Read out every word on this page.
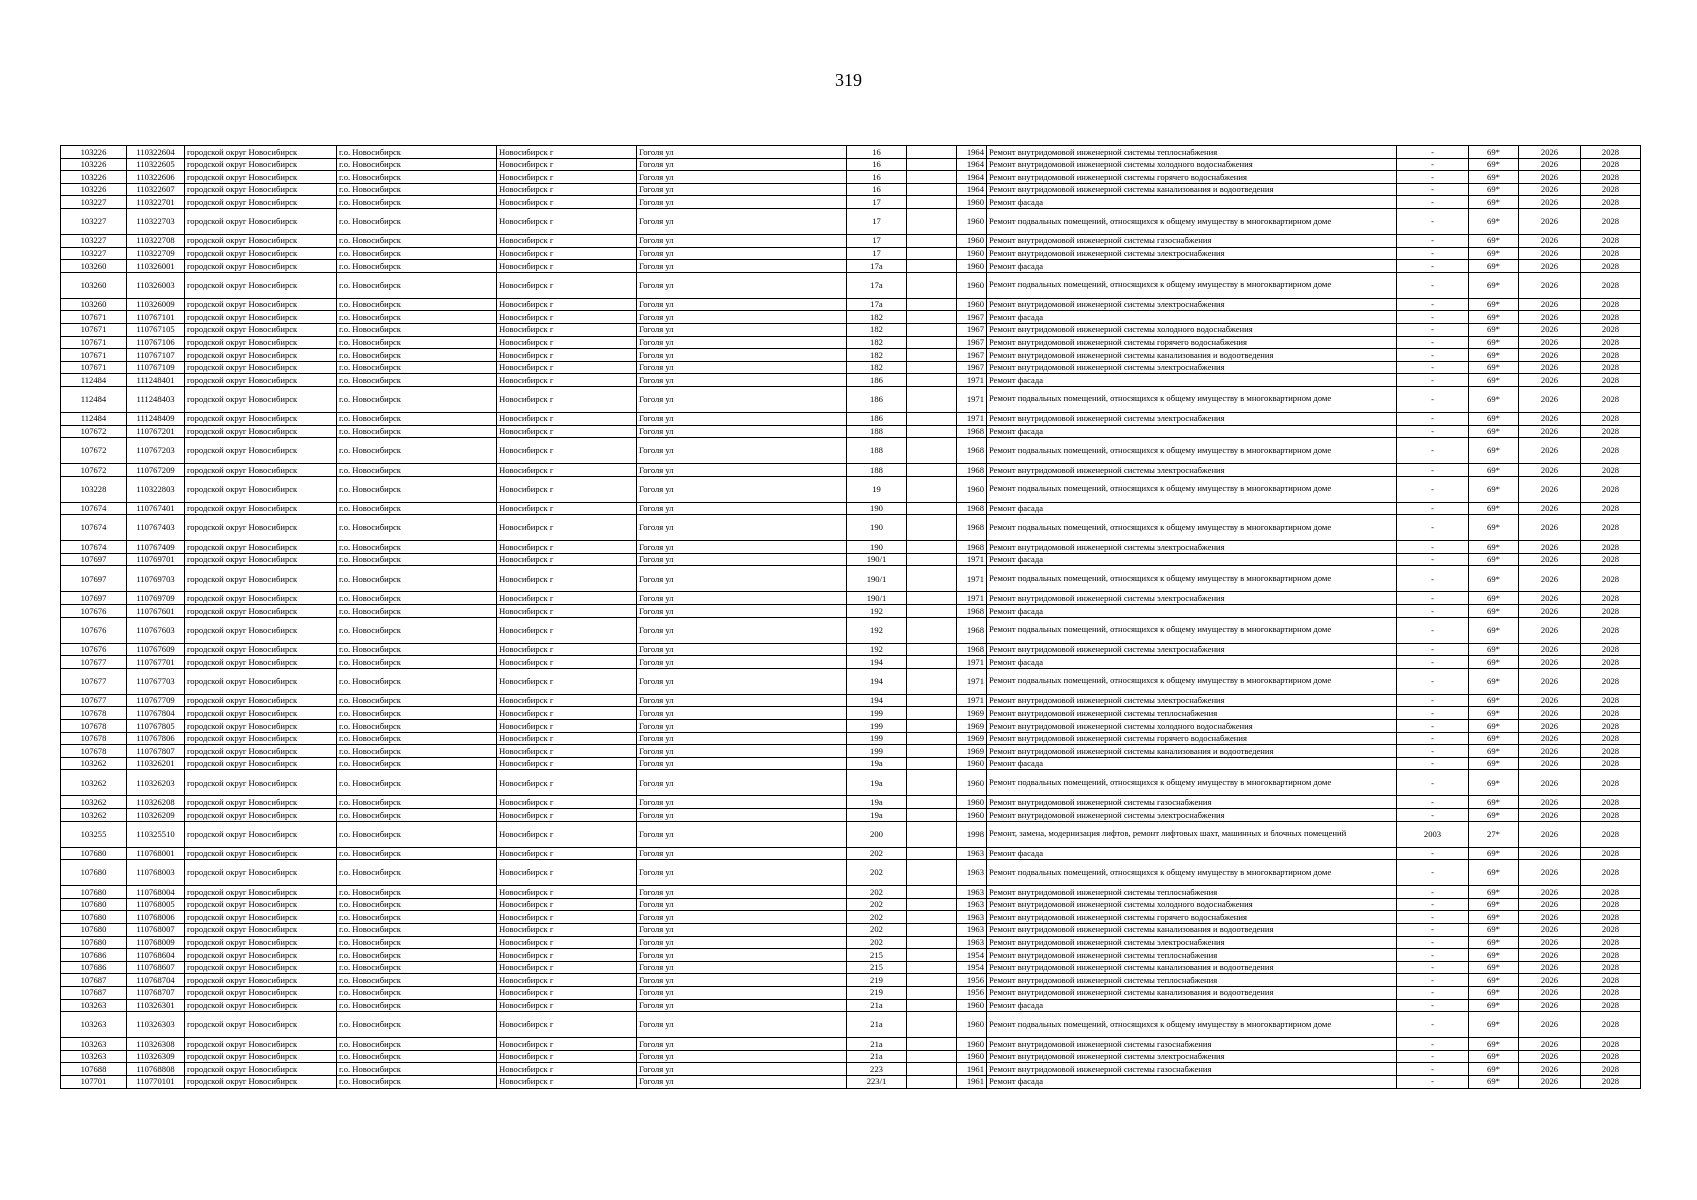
319
103226	110322604	городской округ Новосибирск	г.о. Новосибирск	Новосибирск г	Гоголя ул	16		1964	Ремонт внутридомовой инженерной системы теплоснабжения	-	69*	2026	2028
103226	110322605	городской округ Новосибирск	г.о. Новосибирск	Новосибирск г	Гоголя ул	16		1964	Ремонт внутридомовой инженерной системы холодного водоснабжения	-	69*	2026	2028
103226	110322606	городской округ Новосибирск	г.о. Новосибирск	Новосибирск г	Гоголя ул	16		1964	Ремонт внутридомовой инженерной системы горячего водоснабжения	-	69*	2026	2028
103226	110322607	городской округ Новосибирск	г.о. Новосибирск	Новосибирск г	Гоголя ул	16		1964	Ремонт внутридомовой инженерной системы канализования и водоотведения	-	69*	2026	2028
103227	110322701	городской округ Новосибирск	г.о. Новосибирск	Новосибирск г	Гоголя ул	17		1960	Ремонт фасада	-	69*	2026	2028
103227	110322703	городской округ Новосибирск	г.о. Новосибирск	Новосибирск г	Гоголя ул	17		1960	Ремонт подвальных помещений, относящихся к общему имуществу в многоквартирном доме	-	69*	2026	2028
103227	110322708	городской округ Новосибирск	г.о. Новосибирск	Новосибирск г	Гоголя ул	17		1960	Ремонт внутридомовой инженерной системы газоснабжения	-	69*	2026	2028
103227	110322709	городской округ Новосибирск	г.о. Новосибирск	Новосибирск г	Гоголя ул	17		1960	Ремонт внутридомовой инженерной системы электроснабжения	-	69*	2026	2028
103260	110326001	городской округ Новосибирск	г.о. Новосибирск	Новосибирск г	Гоголя ул	17а		1960	Ремонт фасада	-	69*	2026	2028
103260	110326003	городской округ Новосибирск	г.о. Новосибирск	Новосибирск г	Гоголя ул	17а		1960	Ремонт подвальных помещений, относящихся к общему имуществу в многоквартирном доме	-	69*	2026	2028
103260	110326009	городской округ Новосибирск	г.о. Новосибирск	Новосибирск г	Гоголя ул	17а		1960	Ремонт внутридомовой инженерной системы электроснабжения	-	69*	2026	2028
107671	110767101	городской округ Новосибирск	г.о. Новосибирск	Новосибирск г	Гоголя ул	182		1967	Ремонт фасада	-	69*	2026	2028
107671	110767105	городской округ Новосибирск	г.о. Новосибирск	Новосибирск г	Гоголя ул	182		1967	Ремонт внутридомовой инженерной системы холодного водоснабжения	-	69*	2026	2028
107671	110767106	городской округ Новосибирск	г.о. Новосибирск	Новосибирск г	Гоголя ул	182		1967	Ремонт внутридомовой инженерной системы горячего водоснабжения	-	69*	2026	2028
107671	110767107	городской округ Новосибирск	г.о. Новосибирск	Новосибирск г	Гоголя ул	182		1967	Ремонт внутридомовой инженерной системы канализования и водоотведения	-	69*	2026	2028
107671	110767109	городской округ Новосибирск	г.о. Новосибирск	Новосибирск г	Гоголя ул	182		1967	Ремонт внутридомовой инженерной системы электроснабжения	-	69*	2026	2028
112484	111248401	городской округ Новосибирск	г.о. Новосибирск	Новосибирск г	Гоголя ул	186		1971	Ремонт фасада	-	69*	2026	2028
112484	111248403	городской округ Новосибирск	г.о. Новосибирск	Новосибирск г	Гоголя ул	186		1971	Ремонт подвальных помещений, относящихся к общему имуществу в многоквартирном доме	-	69*	2026	2028
112484	111248409	городской округ Новосибирск	г.о. Новосибирск	Новосибирск г	Гоголя ул	186		1971	Ремонт внутридомовой инженерной системы электроснабжения	-	69*	2026	2028
107672	110767201	городской округ Новосибирск	г.о. Новосибирск	Новосибирск г	Гоголя ул	188		1968	Ремонт фасада	-	69*	2026	2028
107672	110767203	городской округ Новосибирск	г.о. Новосибирск	Новосибирск г	Гоголя ул	188		1968	Ремонт подвальных помещений, относящихся к общему имуществу в многоквартирном доме	-	69*	2026	2028
107672	110767209	городской округ Новосибирск	г.о. Новосибирск	Новосибирск г	Гоголя ул	188		1968	Ремонт внутридомовой инженерной системы электроснабжения	-	69*	2026	2028
103228	110322803	городской округ Новосибирск	г.о. Новосибирск	Новосибирск г	Гоголя ул	19		1960	Ремонт подвальных помещений, относящихся к общему имуществу в многоквартирном доме	-	69*	2026	2028
107674	110767401	городской округ Новосибирск	г.о. Новосибирск	Новосибирск г	Гоголя ул	190		1968	Ремонт фасада	-	69*	2026	2028
107674	110767403	городской округ Новосибирск	г.о. Новосибирск	Новосибирск г	Гоголя ул	190		1968	Ремонт подвальных помещений, относящихся к общему имуществу в многоквартирном доме	-	69*	2026	2028
107674	110767409	городской округ Новосибирск	г.о. Новосибирск	Новосибирск г	Гоголя ул	190		1968	Ремонт внутридомовой инженерной системы электроснабжения	-	69*	2026	2028
107697	110769701	городской округ Новосибирск	г.о. Новосибирск	Новосибирск г	Гоголя ул	190/1		1971	Ремонт фасада	-	69*	2026	2028
107697	110769703	городской округ Новосибирск	г.о. Новосибирск	Новосибирск г	Гоголя ул	190/1		1971	Ремонт подвальных помещений, относящихся к общему имуществу в многоквартирном доме	-	69*	2026	2028
107697	110769709	городской округ Новосибирск	г.о. Новосибирск	Новосибирск г	Гоголя ул	190/1		1971	Ремонт внутридомовой инженерной системы электроснабжения	-	69*	2026	2028
107676	110767601	городской округ Новосибирск	г.о. Новосибирск	Новосибирск г	Гоголя ул	192		1968	Ремонт фасада	-	69*	2026	2028
107676	110767603	городской округ Новосибирск	г.о. Новосибирск	Новосибирск г	Гоголя ул	192		1968	Ремонт подвальных помещений, относящихся к общему имуществу в многоквартирном доме	-	69*	2026	2028
107676	110767609	городской округ Новосибирск	г.о. Новосибирск	Новосибирск г	Гоголя ул	192		1968	Ремонт внутридомовой инженерной системы электроснабжения	-	69*	2026	2028
107677	110767701	городской округ Новосибирск	г.о. Новосибирск	Новосибирск г	Гоголя ул	194		1971	Ремонт фасада	-	69*	2026	2028
107677	110767703	городской округ Новосибирск	г.о. Новосибирск	Новосибирск г	Гоголя ул	194		1971	Ремонт подвальных помещений, относящихся к общему имуществу в многоквартирном доме	-	69*	2026	2028
107677	110767709	городской округ Новосибирск	г.о. Новосибирск	Новосибирск г	Гоголя ул	194		1971	Ремонт внутридомовой инженерной системы электроснабжения	-	69*	2026	2028
107678	110767804	городской округ Новосибирск	г.о. Новосибирск	Новосибирск г	Гоголя ул	199		1969	Ремонт внутридомовой инженерной системы теплоснабжения	-	69*	2026	2028
107678	110767805	городской округ Новосибирск	г.о. Новосибирск	Новосибирск г	Гоголя ул	199		1969	Ремонт внутридомовой инженерной системы холодного водоснабжения	-	69*	2026	2028
107678	110767806	городской округ Новосибирск	г.о. Новосибирск	Новосибирск г	Гоголя ул	199		1969	Ремонт внутридомовой инженерной системы горячего водоснабжения	-	69*	2026	2028
107678	110767807	городской округ Новосибирск	г.о. Новосибирск	Новосибирск г	Гоголя ул	199		1969	Ремонт внутридомовой инженерной системы канализования и водоотведения	-	69*	2026	2028
103262	110326201	городской округ Новосибирск	г.о. Новосибирск	Новосибирск г	Гоголя ул	19а		1960	Ремонт фасада	-	69*	2026	2028
103262	110326203	городской округ Новосибирск	г.о. Новосибирск	Новосибирск г	Гоголя ул	19а		1960	Ремонт подвальных помещений, относящихся к общему имуществу в многоквартирном доме	-	69*	2026	2028
103262	110326208	городской округ Новосибирск	г.о. Новосибирск	Новосибирск г	Гоголя ул	19а		1960	Ремонт внутридомовой инженерной системы газоснабжения	-	69*	2026	2028
103262	110326209	городской округ Новосибирск	г.о. Новосибирск	Новосибирск г	Гоголя ул	19а		1960	Ремонт внутридомовой инженерной системы электроснабжения	-	69*	2026	2028
103255	110325510	городской округ Новосибирск	г.о. Новосибирск	Новосибирск г	Гоголя ул	200		1998	Ремонт, замена, модернизация лифтов, ремонт лифтовых шахт, машинных и блочных помещений	2003	27*	2026	2028
107680	110768001	городской округ Новосибирск	г.о. Новосибирск	Новосибирск г	Гоголя ул	202		1963	Ремонт фасада	-	69*	2026	2028
107680	110768003	городской округ Новосибирск	г.о. Новосибирск	Новосибирск г	Гоголя ул	202		1963	Ремонт подвальных помещений, относящихся к общему имуществу в многоквартирном доме	-	69*	2026	2028
107680	110768004	городской округ Новосибирск	г.о. Новосибирск	Новосибирск г	Гоголя ул	202		1963	Ремонт внутридомовой инженерной системы теплоснабжения	-	69*	2026	2028
107680	110768005	городской округ Новосибирск	г.о. Новосибирск	Новосибирск г	Гоголя ул	202		1963	Ремонт внутридомовой инженерной системы холодного водоснабжения	-	69*	2026	2028
107680	110768006	городской округ Новосибирск	г.о. Новосибирск	Новосибирск г	Гоголя ул	202		1963	Ремонт внутридомовой инженерной системы горячего водоснабжения	-	69*	2026	2028
107680	110768007	городской округ Новосибирск	г.о. Новосибирск	Новосибирск г	Гоголя ул	202		1963	Ремонт внутридомовой инженерной системы канализования и водоотведения	-	69*	2026	2028
107680	110768009	городской округ Новосибирск	г.о. Новосибирск	Новосибирск г	Гоголя ул	202		1963	Ремонт внутридомовой инженерной системы электроснабжения	-	69*	2026	2028
107686	110768604	городской округ Новосибирск	г.о. Новосибирск	Новосибирск г	Гоголя ул	215		1954	Ремонт внутридомовой инженерной системы теплоснабжения	-	69*	2026	2028
107686	110768607	городской округ Новосибирск	г.о. Новосибирск	Новосибирск г	Гоголя ул	215		1954	Ремонт внутридомовой инженерной системы канализования и водоотведения	-	69*	2026	2028
107687	110768704	городской округ Новосибирск	г.о. Новосибирск	Новосибирск г	Гоголя ул	219		1956	Ремонт внутридомовой инженерной системы теплоснабжения	-	69*	2026	2028
107687	110768707	городской округ Новосибирск	г.о. Новосибирск	Новосибирск г	Гоголя ул	219		1956	Ремонт внутридомовой инженерной системы канализования и водоотведения	-	69*	2026	2028
103263	110326301	городской округ Новосибирск	г.о. Новосибирск	Новосибирск г	Гоголя ул	21а		1960	Ремонт фасада	-	69*	2026	2028
103263	110326303	городской округ Новосибирск	г.о. Новосибирск	Новосибирск г	Гоголя ул	21а		1960	Ремонт подвальных помещений, относящихся к общему имуществу в многоквартирном доме	-	69*	2026	2028
103263	110326308	городской округ Новосибирск	г.о. Новосибирск	Новосибирск г	Гоголя ул	21а		1960	Ремонт внутридомовой инженерной системы газоснабжения	-	69*	2026	2028
103263	110326309	городской округ Новосибирск	г.о. Новосибирск	Новосибирск г	Гоголя ул	21а		1960	Ремонт внутридомовой инженерной системы электроснабжения	-	69*	2026	2028
107688	110768808	городской округ Новосибирск	г.о. Новосибирск	Новосибирск г	Гоголя ул	223		1961	Ремонт внутридомовой инженерной системы газоснабжения	-	69*	2026	2028
107701	110770101	городской округ Новосибирск	г.о. Новосибирск	Новосибирск г	Гоголя ул	223/1		1961	Ремонт фасада	-	69*	2026	2028
